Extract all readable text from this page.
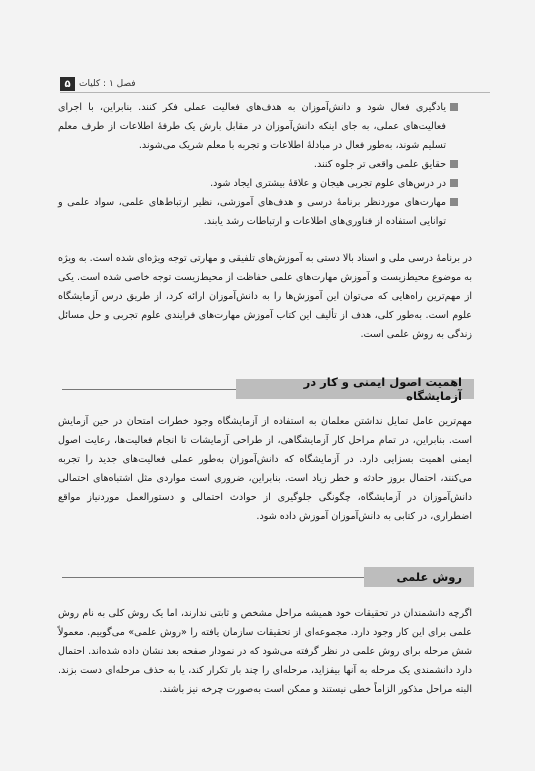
۵ فصل ۱ : کلیات

یادگیری فعال شود و دانش‌آموزان به هدف‌های فعالیت عملی فکر کنند. بنابراین، با اجرای فعالیت‌های عملی، به جای اینکه دانش‌آموزان در مقابل بارش یک طرفهٔ اطلاعات از طرف معلم تسلیم شوند، به‌طور فعال در مبادلهٔ اطلاعات و تجربه با معلم شریک می‌شوند.

حقایق علمی واقعی تر جلوه کنند.

در درس‌های علوم تجربی هیجان و علاقهٔ بیشتری ایجاد شود.

مهارت‌های موردنظر برنامهٔ درسی و هدف‌های آموزشی، نظیر ارتباط‌های علمی، سواد علمی و توانایی استفاده از فناوری‌های اطلاعات و ارتباطات رشد یابند.

در برنامهٔ درسی ملی و اسناد بالا دستی به آموزش‌های تلفیقی و مهارتی توجه ویژه‌ای شده است. به ویژه به موضوع محیط‌زیست و آموزش مهارت‌های علمی حفاظت از محیط‌زیست توجه خاصی شده است. یکی از مهم‌ترین راه‌هایی که می‌توان این آموزش‌ها را به دانش‌آموزان ارائه کرد، از طریق درس آزمایشگاه علوم است. به‌طور کلی، هدف از تألیف این کتاب آموزش مهارت‌های فرایندی علوم تجربی و حل مسائل زندگی به روش علمی است.

اهمیت اصول ایمنی و کار در آزمایشگاه

مهم‌ترین عامل تمایل نداشتن معلمان به استفاده از آزمایشگاه وجود خطرات امتحان در حین آزمایش است. بنابراین، در تمام مراحل کار آزمایشگاهی، از طراحی آزمایشات تا انجام فعالیت‌ها، رعایت اصول ایمنی اهمیت بسزایی دارد. در آزمایشگاه که دانش‌آموزان به‌طور عملی فعالیت‌های جدید را تجربه می‌کنند، احتمال بروز حادثه و خطر زیاد است. بنابراین، ضروری است مواردی مثل اشتباه‌های احتمالی دانش‌آموزان در آزمایشگاه، چگونگی جلوگیری از حوادث احتمالی و دستورالعمل موردنیاز مواقع اضطراری، در کتابی به دانش‌آموزان آموزش داده شود.

روش علمی

اگرچه دانشمندان در تحقیقات خود همیشه مراحل مشخص و ثابتی ندارند، اما یک روش کلی به نام روش علمی برای این کار وجود دارد. مجموعه‌ای از تحقیقات سازمان یافته را «روش علمی» می‌گوییم. معمولاً شش مرحله برای روش علمی در نظر گرفته می‌شود که در نمودار صفحه بعد نشان داده شده‌اند. احتمال دارد دانشمندی یک مرحله به آنها بیفزاید، مرحله‌ای را چند بار تکرار کند، یا به حذف مرحله‌ای دست بزند. البته مراحل مذکور الزاماً خطی نیستند و ممکن است به‌صورت چرخه نیز باشند.
